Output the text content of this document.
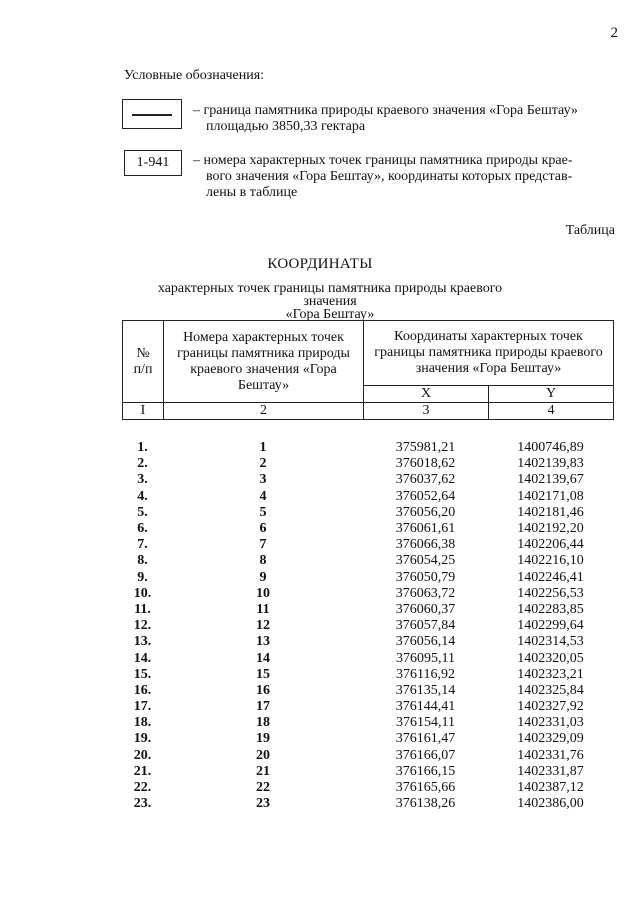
2
Условные обозначения:
– граница памятника природы краевого значения «Гора Бештау»
площадью 3850,33 гектара
1-941	– номера характерных точек границы памятника природы крае-
вого значения «Гора Бештау», координаты которых представ-
лены в таблице
Таблица
КООРДИНАТЫ
характерных точек границы памятника природы краевого значения
«Гора Бештау»
№ п/п	Номера характерных точек границы памятника природы краевого значения «Гора Бештау»	Координаты характерных точек границы памятника природы краевого значения «Гора Бештау»	
		X	Y
I	2	3	4
1.	1	375981,21	1400746,89
2.	2	376018,62	1402139,83
3.	3	376037,62	1402139,67
4.	4	376052,64	1402171,08
5.	5	376056,20	1402181,46
6.	6	376061,61	1402192,20
7.	7	376066,38	1402206,44
8.	8	376054,25	1402216,10
9.	9	376050,79	1402246,41
10.	10	376063,72	1402256,53
11.	11	376060,37	1402283,85
12.	12	376057,84	1402299,64
13.	13	376056,14	1402314,53
14.	14	376095,11	1402320,05
15.	15	376116,92	1402323,21
16.	16	376135,14	1402325,84
17.	17	376144,41	1402327,92
18.	18	376154,11	1402331,03
19.	19	376161,47	1402329,09
20.	20	376166,07	1402331,76
21.	21	376166,15	1402331,87
22.	22	376165,66	1402387,12
23.	23	376138,26	1402386,00
